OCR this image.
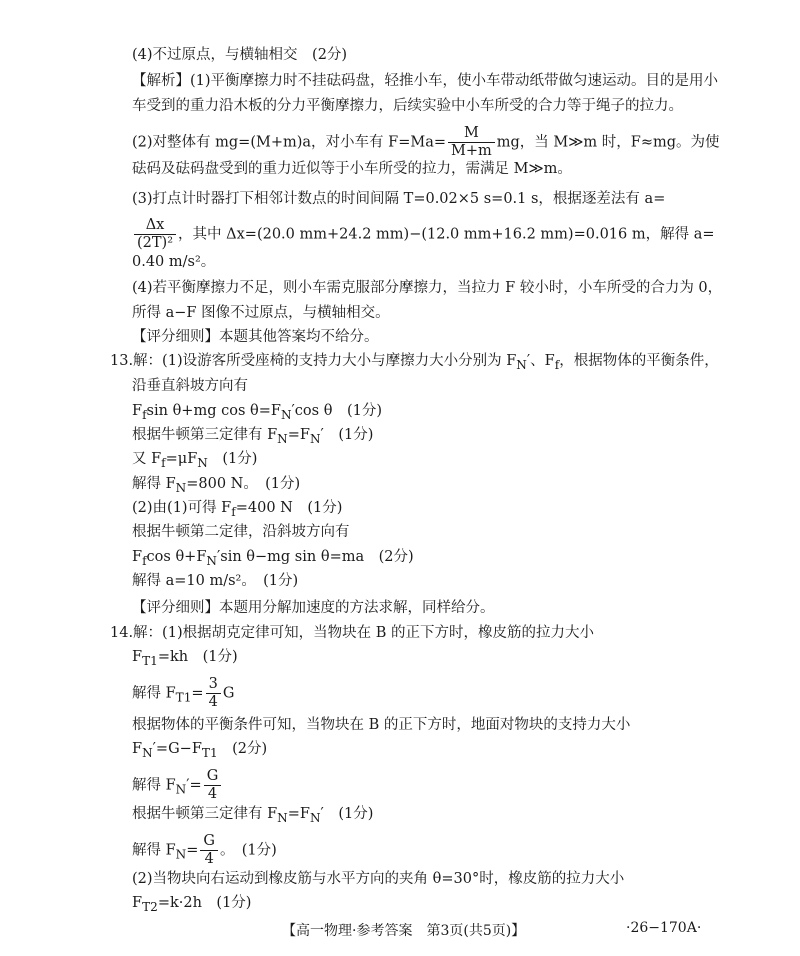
(4)不过原点，与横轴相交　(2分)
【解析】(1)平衡摩擦力时不挂砝码盘，轻推小车，使小车带动纸带做匀速运动。目的是用小
车受到的重力沿木板的分力平衡摩擦力，后续实验中小车所受的合力等于绳子的拉力。
(2)对整体有 mg=(M+m)a，对小车有 $F=Ma= \frac{M}{M+m}$ mg，当 M≫m 时，F≈mg。为使
砝码及砝码盘受到的重力近似等于小车所受的拉力，需满足 M≫m。
(3)打点计时器打下相邻计数点的时间间隔 T=0.02×5 s=0.1 s，根据逐差法有 a=
$\frac{\Delta x}{\text{(2T)²}}$ ，其中 Δx=(20.0 mm+24.2 mm)−(12.0 mm+16.2 mm)=0.016 m，解得 a=
0.40 m/s²。
(4)若平衡摩擦力不足，则小车需克服部分摩擦力，当拉力 F 较小时，小车所受的合力为 0，
所得 a−F 图像不过原点，与横轴相交。
【评分细则】本题其他答案均不给分。
13.解：(1)设游客所受座椅的支持力大小与摩擦力大小分别为 $F_N'$、$F_f$，根据物体的平衡条件，
沿垂直斜坡方向有
$F_f\sin$ θ+mg $\cos \theta=F_N'\cos$ θ　(1分)
根据牛顿第三定律有 $F_N=F_N'$　(1分)
又 $F_f=\mu F_N$　(1分)
解得 $F_N=800$ N。　(1分)
(2)由(1)可得 $F_f=400$ N　(1分)
根据牛顿第二定律，沿斜坡方向有
$F_f\cos$ $\theta+F_N'\sin$ θ−mg sin θ=ma　(2分)
解得 a=10 m/s²。　(1分)
【评分细则】本题用分解加速度的方法求解，同样给分。
14.解：(1)根据胡克定律可知，当物块在 B 的正下方时，橡皮筋的拉力大小
$F_{T1}=kh$　(1分)
解得 $F_{T1}= \frac{3}{4}$ G
根据物体的平衡条件可知，当物块在 B 的正下方时，地面对物块的支持力大小
$F_N'=G-F_{T1}$　(2分)
解得 $F_N'= \frac{G}{4}$
根据牛顿第三定律有 $F_N=F_N'$　(1分)
解得 $F_N= \frac{G}{4}$ 。　(1分)
(2)当物块向右运动到橡皮筋与水平方向的夹角 θ=30°时，橡皮筋的拉力大小
$F_{T2}=k\cdot 2h$　(1分)
【高一物理·参考答案　第3页(共5页)】	·26−170A·
